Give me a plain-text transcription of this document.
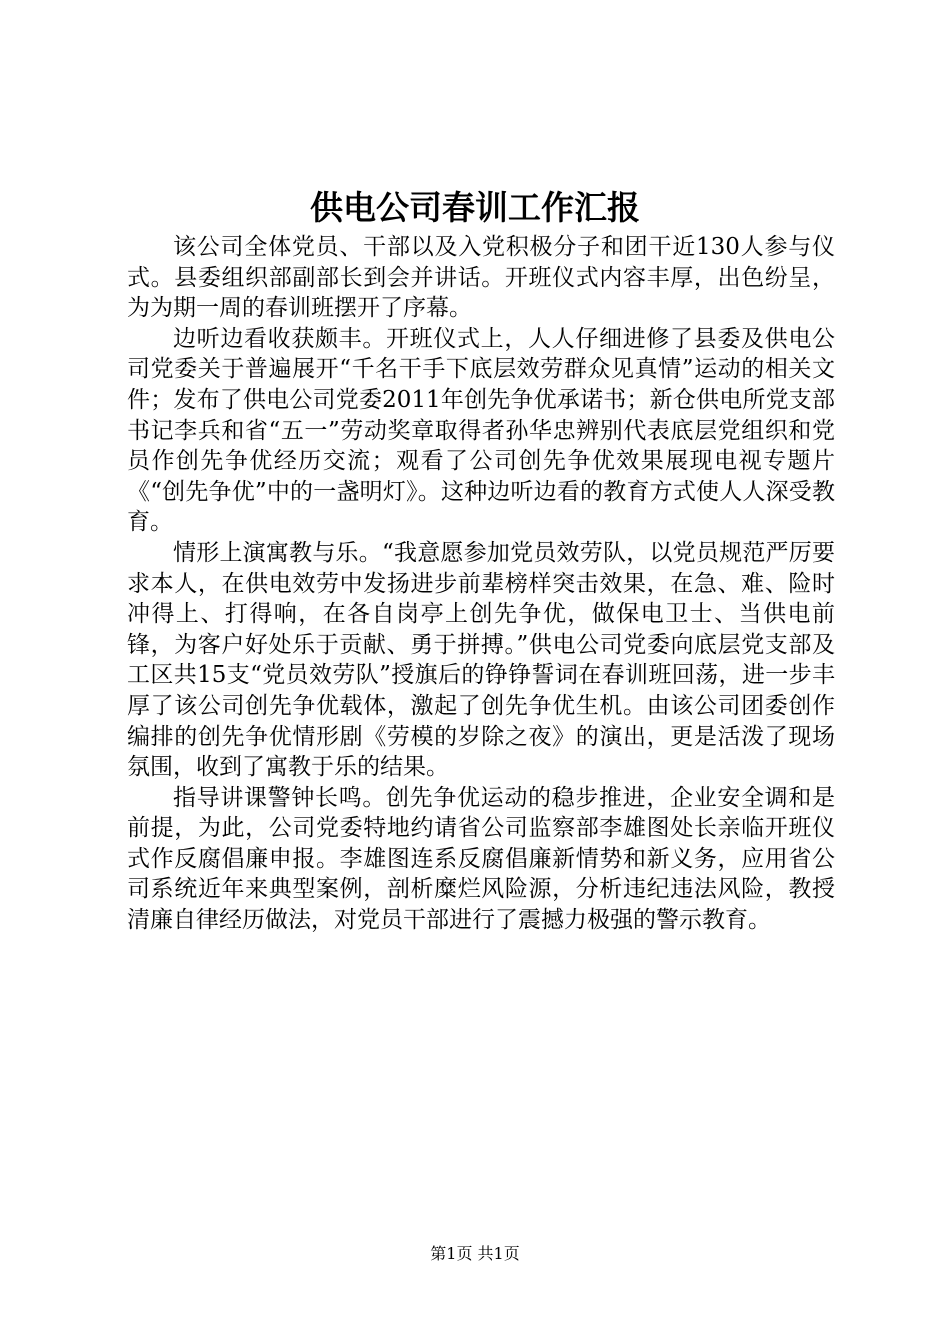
供电公司春训工作汇报

该公司全体党员、干部以及入党积极分子和团干近130人参与仪式。县委组织部副部长到会并讲话。开班仪式内容丰厚，出色纷呈，为为期一周的春训班摆开了序幕。

边听边看收获颇丰。开班仪式上，人人仔细进修了县委及供电公司党委关于普遍展开“千名干手下底层效劳群众见真情”运动的相关文件；发布了供电公司党委2011年创先争优承诺书；新仓供电所党支部书记李兵和省“五一”劳动奖章取得者孙华忠辨别代表底层党组织和党员作创先争优经历交流；观看了公司创先争优效果展现电视专题片《“创先争优”中的一盏明灯》。这种边听边看的教育方式使人人深受教育。

情形上演寓教与乐。“我意愿参加党员效劳队，以党员规范严厉要求本人，在供电效劳中发扬进步前辈榜样突击效果，在急、难、险时冲得上、打得响，在各自岗亭上创先争优，做保电卫士、当供电前锋，为客户好处乐于贡献、勇于拼搏。”供电公司党委向底层党支部及工区共15支“党员效劳队”授旗后的铮铮誓词在春训班回荡，进一步丰厚了该公司创先争优载体，激起了创先争优生机。由该公司团委创作编排的创先争优情形剧《劳模的岁除之夜》的演出，更是活泼了现场氛围，收到了寓教于乐的结果。

指导讲课警钟长鸣。创先争优运动的稳步推进，企业安全调和是前提，为此，公司党委特地约请省公司监察部李雄图处长亲临开班仪式作反腐倡廉申报。李雄图连系反腐倡廉新情势和新义务，应用省公司系统近年来典型案例，剖析糜烂风险源，分析违纪违法风险，教授清廉自律经历做法，对党员干部进行了震撼力极强的警示教育。

第1页 共1页
